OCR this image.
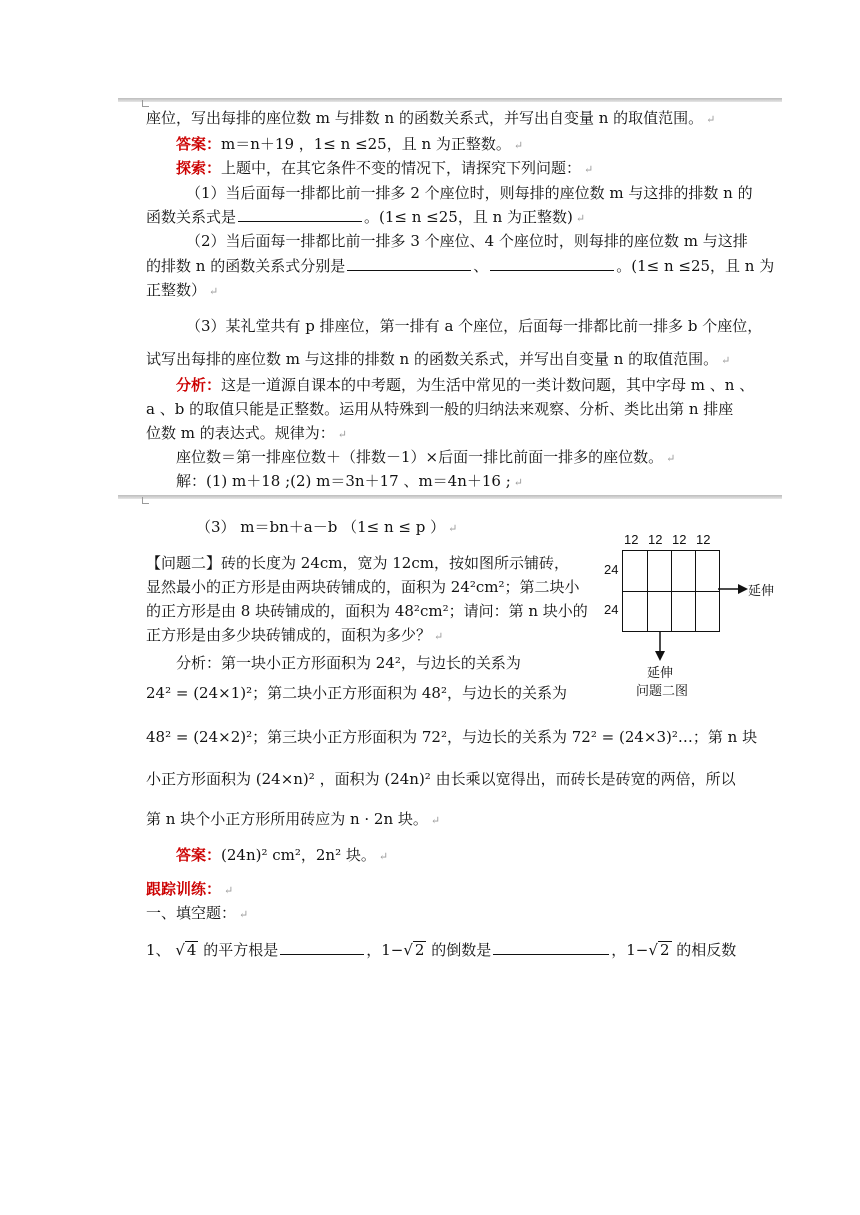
座位，写出每排的座位数 m 与排数 n 的函数关系式，并写出自变量 n 的取值范围。 ↵
答案：m＝n＋19 ，1≤ n ≤25，且 n 为正整数。 ↵
探索：上题中，在其它条件不变的情况下，请探究下列问题： ↵
（1）当后面每一排都比前一排多 2 个座位时，则每排的座位数 m 与这排的排数 n 的
函数关系式是	。(1≤ n ≤25，且 n 为正整数) ↵
（2）当后面每一排都比前一排多 3 个座位、4 个座位时，则每排的座位数 m 与这排
的排数 n 的函数关系式分别是	、	。(1≤ n ≤25，且 n 为
正整数） ↵
（3）某礼堂共有 p 排座位，第一排有 a 个座位，后面每一排都比前一排多 b 个座位，
试写出每排的座位数 m 与这排的排数 n 的函数关系式，并写出自变量 n 的取值范围。 ↵
分析：这是一道源自课本的中考题，为生活中常见的一类计数问题，其中字母 m 、n 、
a 、b 的取值只能是正整数。运用从特殊到一般的归纳法来观察、分析、类比出第 n 排座
位数 m 的表达式。规律为： ↵
座位数＝第一排座位数＋（排数－1）×后面一排比前面一排多的座位数。 ↵
解：(1) m＋18 ;(2) m＝3n＋17 、m＝4n＋16 ; ↵
（3） m＝bn＋a－b （1≤ n ≤ p ） ↵
【问题二】砖的长度为 24cm，宽为 12cm，按如图所示铺砖，
显然最小的正方形是由两块砖铺成的，面积为 24²cm²；第二块小
的正方形是由 8 块砖铺成的，面积为 48²cm²；请问：第 n 块小的
正方形是由多少块砖铺成的，面积为多少？ ↵
分析：第一块小正方形面积为 24²，与边长的关系为
24² = (24×1)²；第二块小正方形面积为 48²，与边长的关系为
48² = (24×2)²；第三块小正方形面积为 72²，与边长的关系为 72² = (24×3)²…；第 n 块
小正方形面积为 (24×n)² ，面积为 (24n)² 由长乘以宽得出，而砖长是砖宽的两倍，所以
第 n 块个小正方形所用砖应为 n · 2n 块。 ↵
答案：(24n)² cm²，2n² 块。 ↵
跟踪训练： ↵
一、填空题： ↵
1、 √ 4 的平方根是	，1−√ 2 的倒数是	，1−√ 2 的相反数
12 12 12 12
24
24
延伸
延伸
问题二图
